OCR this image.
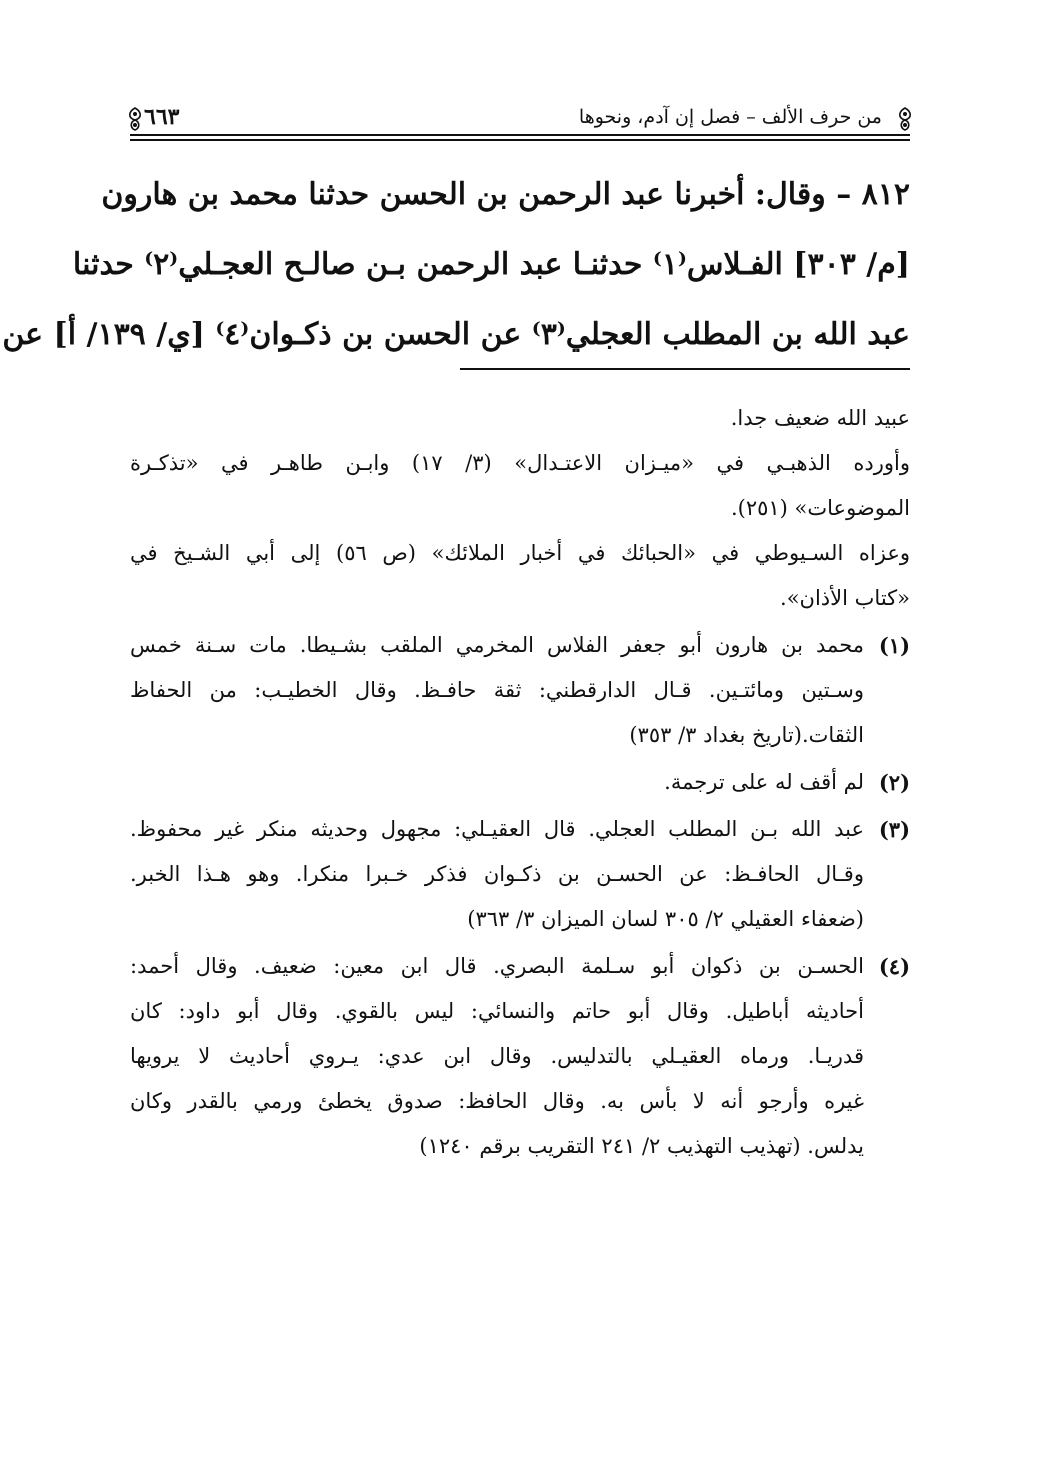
٦٦٣	من حرف الألف – فصل إن آدم، ونحوها
٨١٢ – وقال: أخبرنا عبد الرحمن بن الحسن حدثنا محمد بن هارون
[م/ ٣٠٣] الفـلاس⁽١⁾ حدثنـا عبد الرحمن بـن صالـح العجـلي⁽٢⁾ حدثنا
عبد الله بن المطلب العجلي⁽٣⁾ عن الحسن بن ذكـوان⁽٤⁾ [ي/ ١٣٩/ أ] عن
عبيد الله ضعيف جدا.
وأورده الذهبـي في «ميـزان الاعتـدال» (٣/ ١٧) وابـن طاهـر في «تذكـرة
الموضوعات» (٢٥١).
وعزاه السـيوطي في «الحبائك في أخبار الملائك» (ص ٥٦) إلى أبي الشـيخ في
«كتاب الأذان».
(١)
محمد بن هارون أبو جعفر الفلاس المخرمي الملقب بشـيطا. مات سـنة خمس
وسـتين ومائتـين. قـال الدارقطني: ثقة حافـظ. وقال الخطيـب: من الحفاظ
الثقات.(تاريخ بغداد ٣/ ٣٥٣)
(٢)
لم أقف له على ترجمة.
(٣)
عبد الله بـن المطلب العجلي. قال العقيـلي: مجهول وحديثه منكر غير محفوظ.
وقـال الحافـظ: عن الحسـن بن ذكـوان فذكر خـبرا منكرا. وهو هـذا الخبر.
(ضعفاء العقيلي ٢/ ٣٠٥ لسان الميزان ٣/ ٣٦٣)
(٤)
الحسـن بن ذكوان أبو سـلمة البصري. قال ابن معين: ضعيف. وقال أحمد:
أحاديثه أباطيل. وقال أبو حاتم والنسائي: ليس بالقوي. وقال أبو داود: كان
قدريـا. ورماه العقيـلي بالتدليس. وقال ابن عدي: يـروي أحاديث لا يرويها
غيره وأرجو أنه لا بأس به. وقال الحافظ: صدوق يخطئ ورمي بالقدر وكان
يدلس. (تهذيب التهذيب ٢/ ٢٤١ التقريب برقم ١٢٤٠)
